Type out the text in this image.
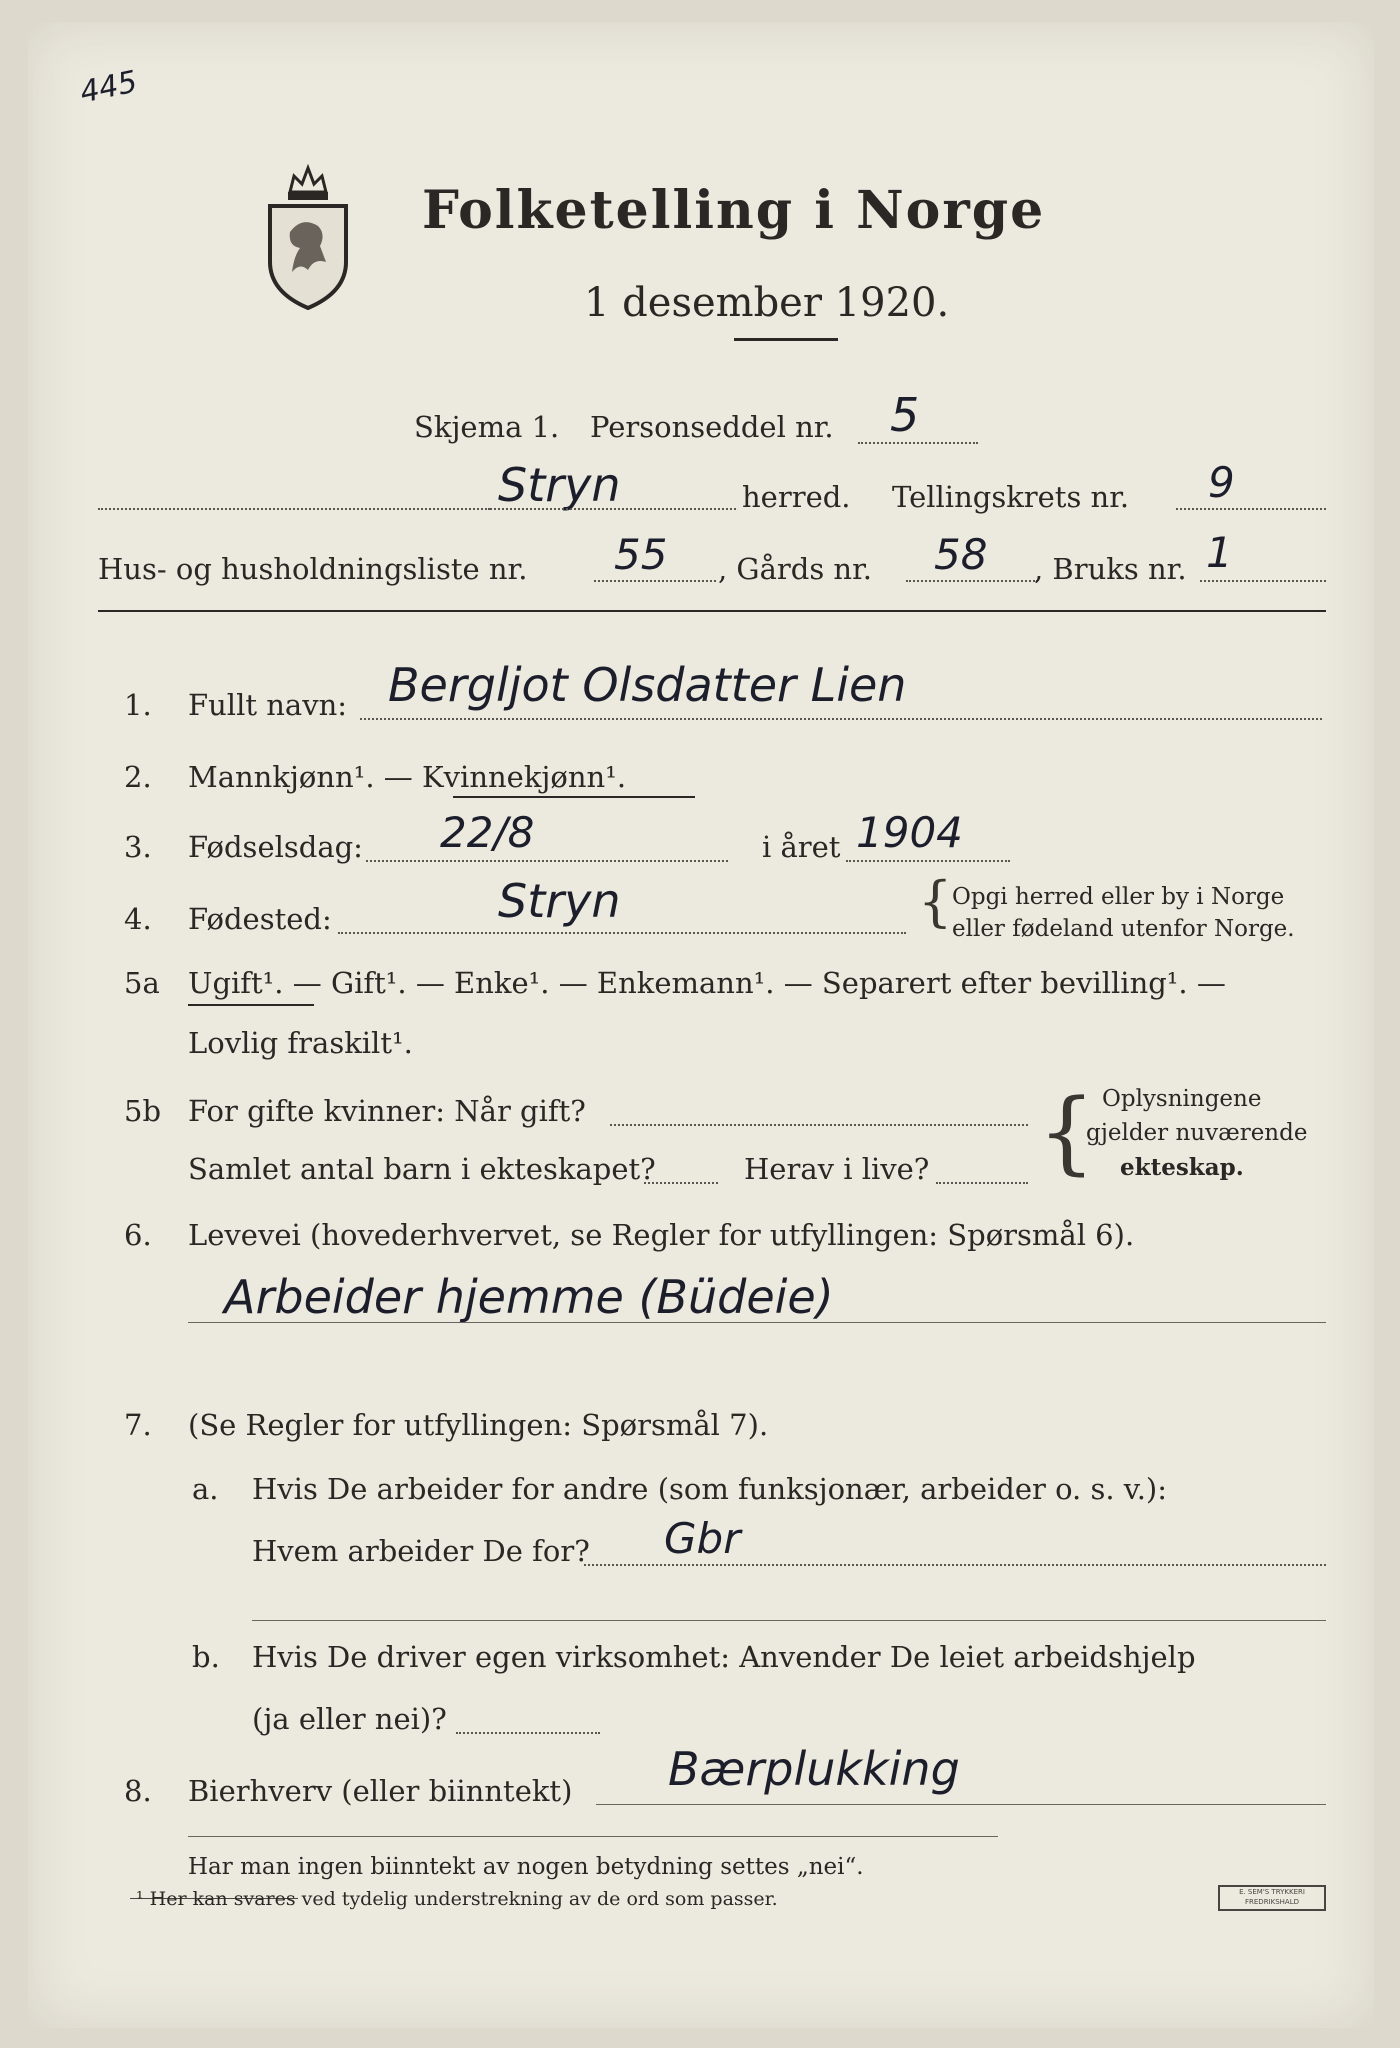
445
Folketelling i Norge
1 desember 1920.
Skjema 1. Personseddel nr. 5
Stryn	herred. Tellingskrets nr. 9
Hus- og husholdningsliste nr. 55 , Gårds nr. 58 , Bruks nr. 1
1. Fullt navn: Bergljot Olsdatter Lien
2. Mannkjønn¹. — Kvinnekjønn¹.
3. Fødselsdag: 22/8	i året 1904
4. Fødested:	Stryn	{ Opgi herred eller by i Norge
eller fødeland utenfor Norge.
5a Ugift¹. — Gift¹. — Enke¹. — Enkemann¹. — Separert efter bevilling¹. —
Lovlig fraskilt¹.
5b For gifte kvinner: Når gift?
Samlet antal barn i ekteskapet?	Herav i live? { Oplysningene
gjelder nuværende
ekteskap.
6. Levevei (hovederhvervet, se Regler for utfyllingen: Spørsmål 6).
Arbeider hjemme (Büdeie)
7. (Se Regler for utfyllingen: Spørsmål 7).
a. Hvis De arbeider for andre (som funksjonær, arbeider o. s. v.):
Hvem arbeider De for? Gbr
b. Hvis De driver egen virksomhet: Anvender De leiet arbeidshjelp
(ja eller nei)?
8. Bierhverv (eller biinntekt) Bærplukking
Har man ingen biinntekt av nogen betydning settes „nei“.
¹ Her kan svares ved tydelig understrekning av de ord som passer.	E. SEM'S TRYKKERI FREDRIKSHALD
